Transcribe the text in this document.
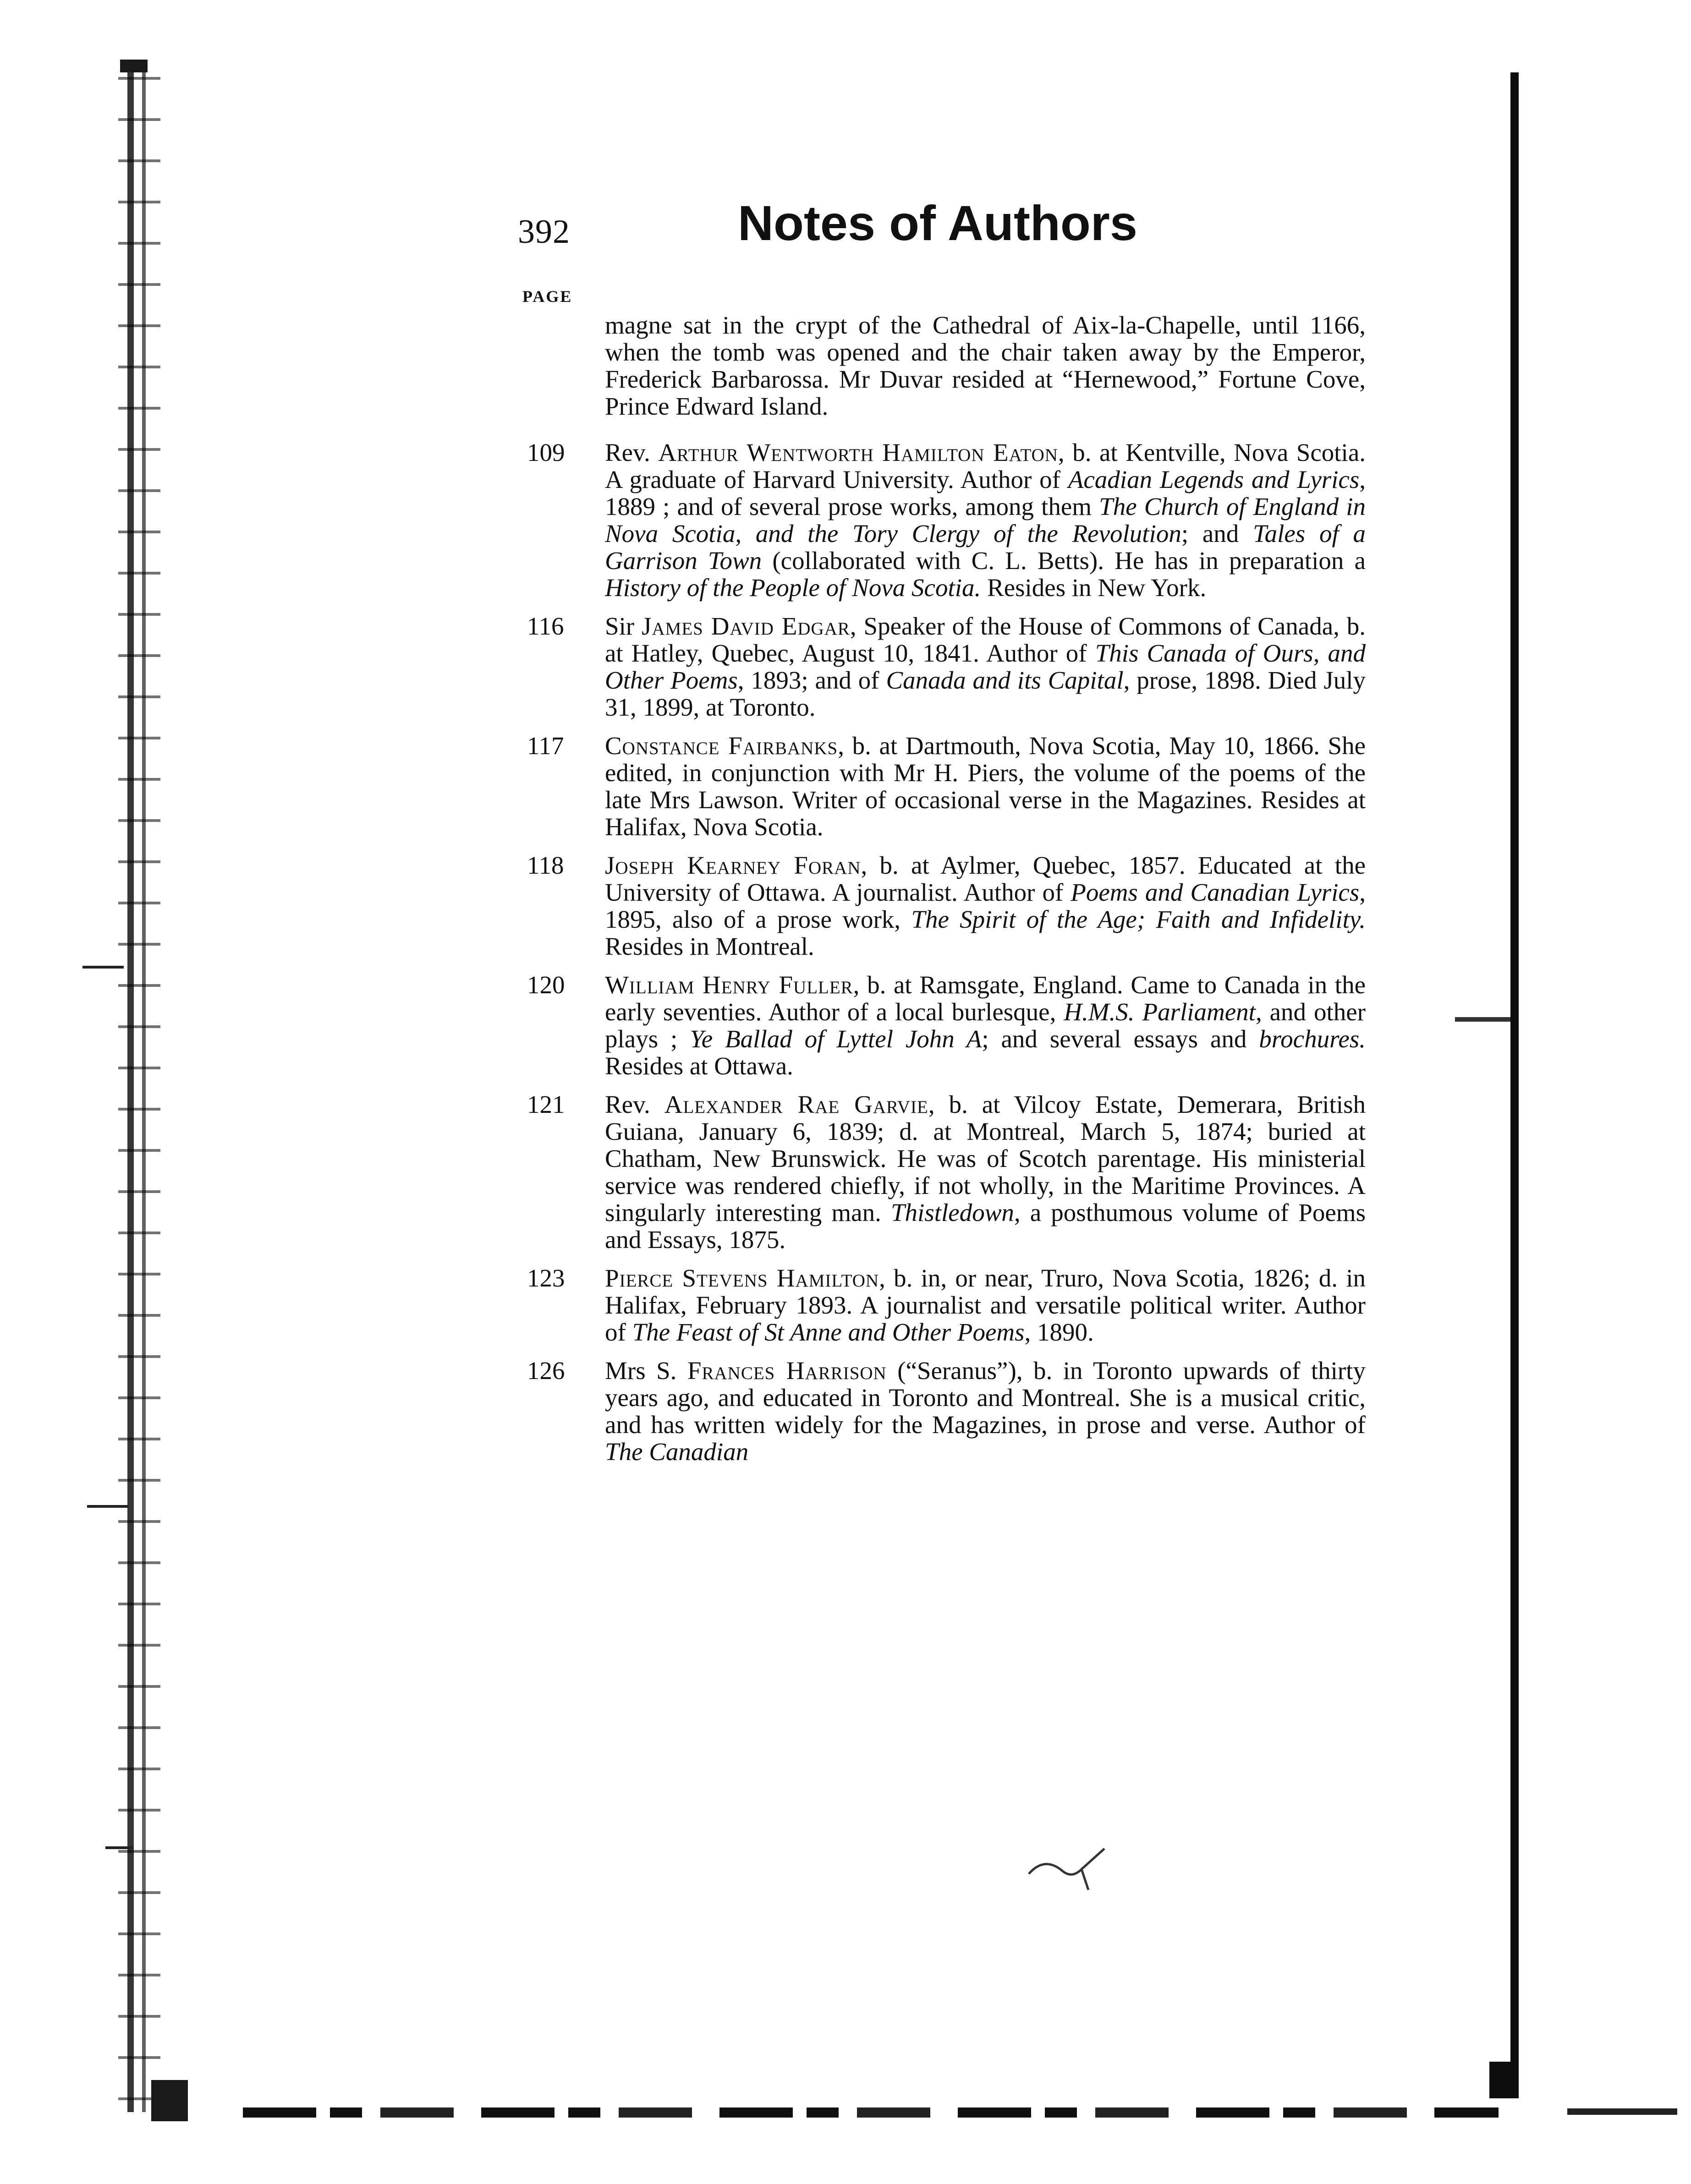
392	Notes of Authors
PAGE
magne sat in the crypt of the Cathedral of Aix-la-Chapelle, until 1166, when the tomb was opened and the chair taken away by the Emperor, Frederick Barbarossa. Mr Duvar resided at “Hernewood,” Fortune Cove, Prince Edward Island.
109 Rev. Arthur Wentworth Hamilton Eaton, b. at Kentville, Nova Scotia. A graduate of Harvard University. Author of Acadian Legends and Lyrics, 1889 ; and of several prose works, among them The Church of England in Nova Scotia, and the Tory Clergy of the Revolution; and Tales of a Garrison Town (collaborated with C. L. Betts). He has in preparation a History of the People of Nova Scotia. Resides in New York.
116 Sir James David Edgar, Speaker of the House of Commons of Canada, b. at Hatley, Quebec, August 10, 1841. Author of This Canada of Ours, and Other Poems, 1893; and of Canada and its Capital, prose, 1898. Died July 31, 1899, at Toronto.
117 Constance Fairbanks, b. at Dartmouth, Nova Scotia, May 10, 1866. She edited, in conjunction with Mr H. Piers, the volume of the poems of the late Mrs Lawson. Writer of occasional verse in the Magazines. Resides at Halifax, Nova Scotia.
118 Joseph Kearney Foran, b. at Aylmer, Quebec, 1857. Educated at the University of Ottawa. A journalist. Author of Poems and Canadian Lyrics, 1895, also of a prose work, The Spirit of the Age; Faith and Infidelity. Resides in Montreal.
120 William Henry Fuller, b. at Ramsgate, England. Came to Canada in the early seventies. Author of a local burlesque, H.M.S. Parliament, and other plays ; Ye Ballad of Lyttel John A; and several essays and brochures. Resides at Ottawa.
121 Rev. Alexander Rae Garvie, b. at Vilcoy Estate, Demerara, British Guiana, January 6, 1839; d. at Montreal, March 5, 1874; buried at Chatham, New Brunswick. He was of Scotch parentage. His ministerial service was rendered chiefly, if not wholly, in the Maritime Provinces. A singularly interesting man. Thistledown, a posthumous volume of Poems and Essays, 1875.
123 Pierce Stevens Hamilton, b. in, or near, Truro, Nova Scotia, 1826; d. in Halifax, February 1893. A journalist and versatile political writer. Author of The Feast of St Anne and Other Poems, 1890.
126 Mrs S. Frances Harrison (“Seranus”), b. in Toronto upwards of thirty years ago, and educated in Toronto and Montreal. She is a musical critic, and has written widely for the Magazines, in prose and verse. Author of The Canadian
